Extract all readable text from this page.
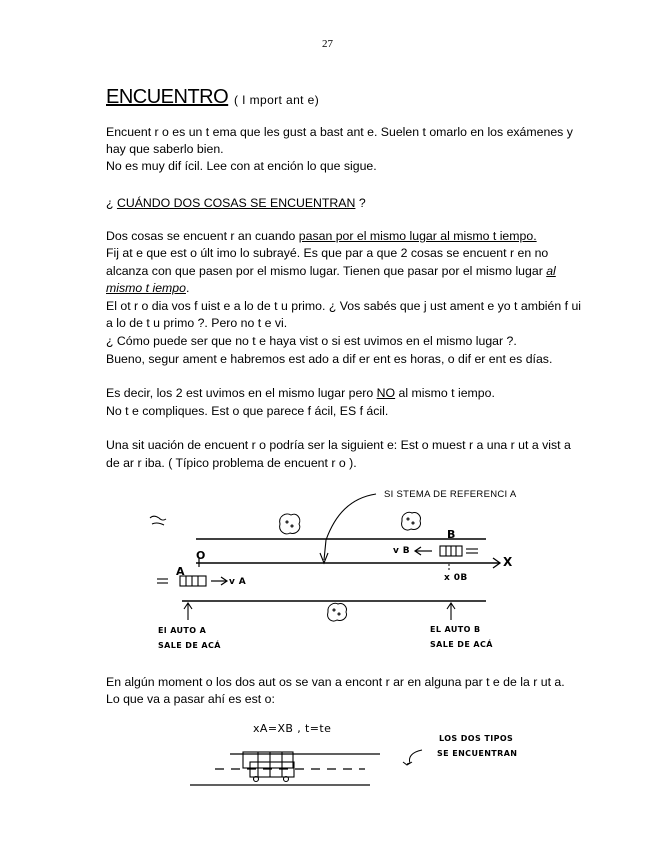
27
ENCUENTRO ( I mport ant e)
Encuent r o es un t ema que les gust a bast ant e. Suelen t omarlo en los exámenes y
hay que saberlo bien.
No es muy dif ícil. Lee con at ención lo que sigue.
¿ CUÁNDO DOS COSAS SE ENCUENTRAN ?
Dos cosas se encuent r an cuando pasan por el mismo lugar al mismo t iempo.
Fij at e que est o últ imo lo subrayé. Es que par a que 2 cosas se encuent r en no
alcanza con que pasen por el mismo lugar. Tienen que pasar por el mismo lugar al
mismo t iempo.
El ot r o dia vos f uist e a lo de t u primo. ¿ Vos sabés que j ust ament e yo t ambién f ui
a lo de t u primo ?. Pero no t e vi.
¿ Cómo puede ser que no t e haya vist o si est uvimos en el mismo lugar ?.
Bueno, segur ament e habremos est ado a dif er ent es horas, o dif er ent es días.
Es decir, los 2 est uvimos en el mismo lugar pero NO al mismo t iempo.
No t e compliques. Est o que parece f ácil, ES f ácil.
Una sit uación de encuent r o podría ser la siguient e: Est o muest r a una r ut a vist a
de ar r iba. ( Típico problema de encuent r o ).
SI STEMA DE REFERENCI A
O
A
B
X
v A
v B
x 0B
El AUTO A
SALE DE ACÁ
EL AUTO B
SALE DE ACÁ
En algún moment o los dos aut os se van a encont r ar en alguna par t e de la r ut a.
Lo que va a pasar ahí es est o:
xA=XB , t=te
LOS DOS TIPOS
SE ENCUENTRAN
